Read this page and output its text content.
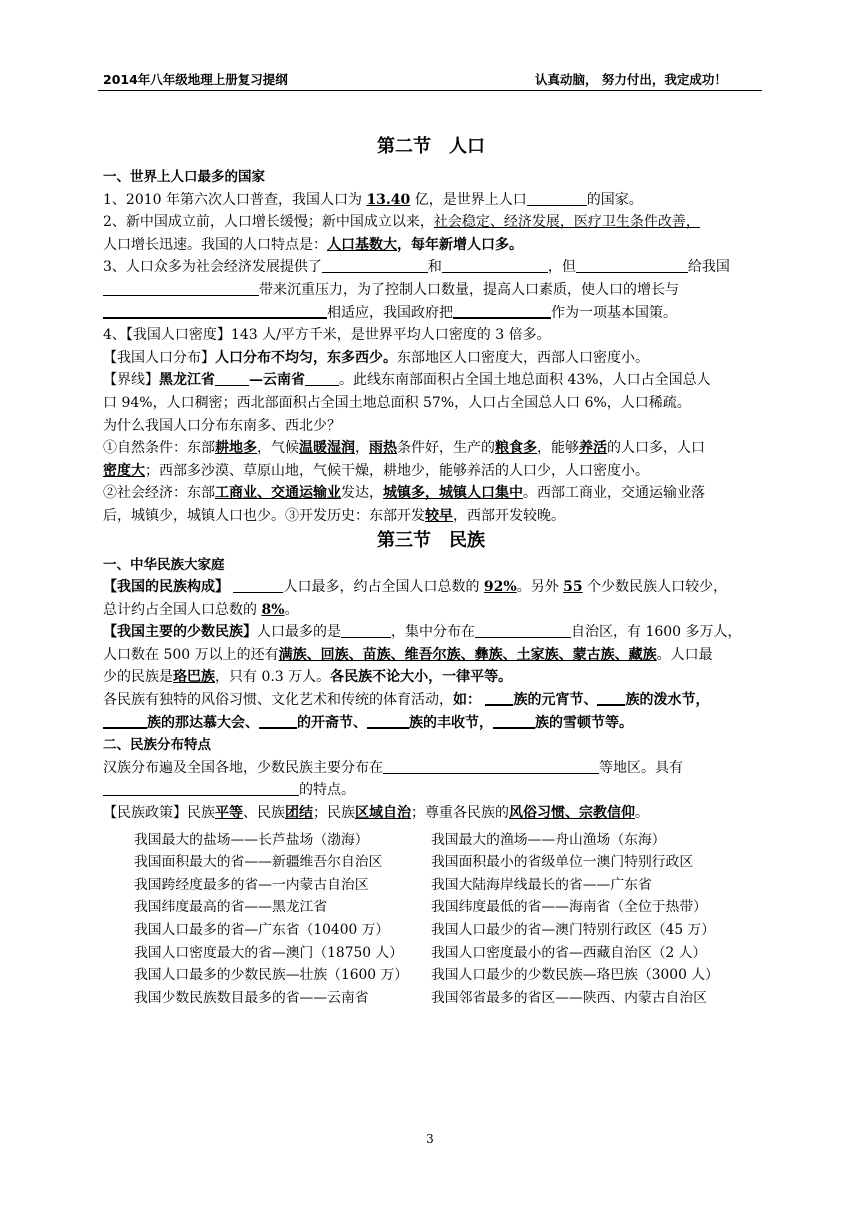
2014年八年级地理上册复习提纲	认真动脑， 努力付出，我定成功！
第二节　人口
一、世界上人口最多的国家
1、2010 年第六次人口普查，我国人口为 13.40 亿，是世界上人口	的国家。
2、新中国成立前，人口增长缓慢；新中国成立以来，社会稳定、经济发展，医疗卫生条件改善，
人口增长迅速。我国的人口特点是：人口基数大，每年新增人口多。
3、人口众多为社会经济发展提供了	和	，但	给我国
带来沉重压力，为了控制人口数量，提高人口素质，使人口的增长与
相适应，我国政府把	作为一项基本国策。
4、【我国人口密度】143 人/平方千米，是世界平均人口密度的 3 倍多。
【我国人口分布】人口分布不均匀，东多西少。东部地区人口密度大，西部人口密度小。
【界线】黑龙江省 —云南省 。此线东南部面积占全国土地总面积 43%，人口占全国总人
口 94%，人口稠密；西北部面积占全国土地总面积 57%，人口占全国总人口 6%，人口稀疏。
为什么我国人口分布东南多、西北少？
①自然条件：东部耕地多，气候温暖湿润，雨热条件好，生产的粮食多，能够养活的人口多，人口
密度大；西部多沙漠、草原山地，气候干燥，耕地少，能够养活的人口少，人口密度小。
②社会经济：东部工商业、交通运输业发达，城镇多，城镇人口集中。西部工商业，交通运输业落
后，城镇少，城镇人口也少。③开发历史：东部开发较早，西部开发较晚。
第三节　民族
一、中华民族大家庭
【我国的民族构成】	人口最多，约占全国人口总数的 92%。另外 55 个少数民族人口较少，
总计约占全国人口总数的 8%。
【我国主要的少数民族】人口最多的是	，集中分布在	自治区，有 1600 多万人，
人口数在 500 万以上的还有满族、回族、苗族、维吾尔族、彝族、土家族、蒙古族、藏族。人口最
少的民族是珞巴族，只有 0.3 万人。各民族不论大小，一律平等。
各民族有独特的风俗习惯、文化艺术和传统的体育活动，如： 族的元宵节、 族的泼水节，
族的那达慕大会、	的开斋节、	族的丰收节，	族的雪顿节等。
二、民族分布特点
汉族分布遍及全国各地，少数民族主要分布在	等地区。具有
的特点。
【民族政策】民族平等、民族团结；民族区域自治；尊重各民族的风俗习惯、宗教信仰。
我国最大的盐场——长芦盐场（渤海）	我国最大的渔场——舟山渔场（东海）
我国面积最大的省——新疆维吾尔自治区	我国面积最小的省级单位一澳门特别行政区
我国跨经度最多的省—一内蒙古自治区	我国大陆海岸线最长的省——广东省
我国纬度最高的省——黑龙江省	我国纬度最低的省——海南省（全位于热带）
我国人口最多的省—广东省（10400 万）	我国人口最少的省—澳门特别行政区（45 万）
我国人口密度最大的省—澳门（18750 人）	我国人口密度最小的省—西藏自治区（2 人）
我国人口最多的少数民族—壮族（1600 万）	我国人口最少的少数民族—珞巴族（3000 人）
我国少数民族数目最多的省——云南省	我国邻省最多的省区——陕西、内蒙古自治区
3
